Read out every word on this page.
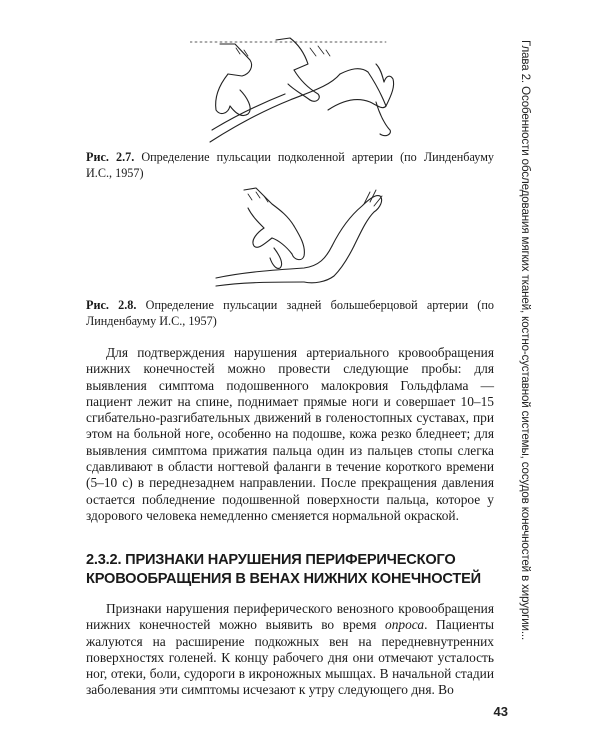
Рис. 2.7. Определение пульсации подколенной артерии (по Линденбауму И.С., 1957)

Рис. 2.8. Определение пульсации задней большеберцовой артерии (по Линденбауму И.С., 1957)

Для подтверждения нарушения артериального кровообращения нижних конечностей можно провести следующие пробы: для выявления симптома подошвенного малокровия Гольдфлама — пациент лежит на спине, поднимает прямые ноги и совершает 10–15 сгибательно-разгибательных движений в голеностопных суставах, при этом на больной ноге, особенно на подошве, кожа резко бледнеет; для выявления симптома прижатия пальца один из пальцев стопы слегка сдавливают в области ногтевой фаланги в течение короткого времени (5–10 с) в переднезаднем направлении. После прекращения давления остается побледнение подошвенной поверхности пальца, которое у здорового человека немедленно сменяется нормальной окраской.

2.3.2. ПРИЗНАКИ НАРУШЕНИЯ ПЕРИФЕРИЧЕСКОГО КРОВООБРАЩЕНИЯ В ВЕНАХ НИЖНИХ КОНЕЧНОСТЕЙ

Признаки нарушения периферического венозного кровообращения нижних конечностей можно выявить во время опроса. Пациенты жалуются на расширение подкожных вен на передневнутренних поверхностях голеней. К концу рабочего дня они отмечают усталость ног, отеки, боли, судороги в икроножных мышцах. В начальной стадии заболевания эти симптомы исчезают к утру следующего дня. Во

Глава 2. Особенности обследования мягких тканей, костно-суставной системы, сосудов конечностей в хирургии...
43
